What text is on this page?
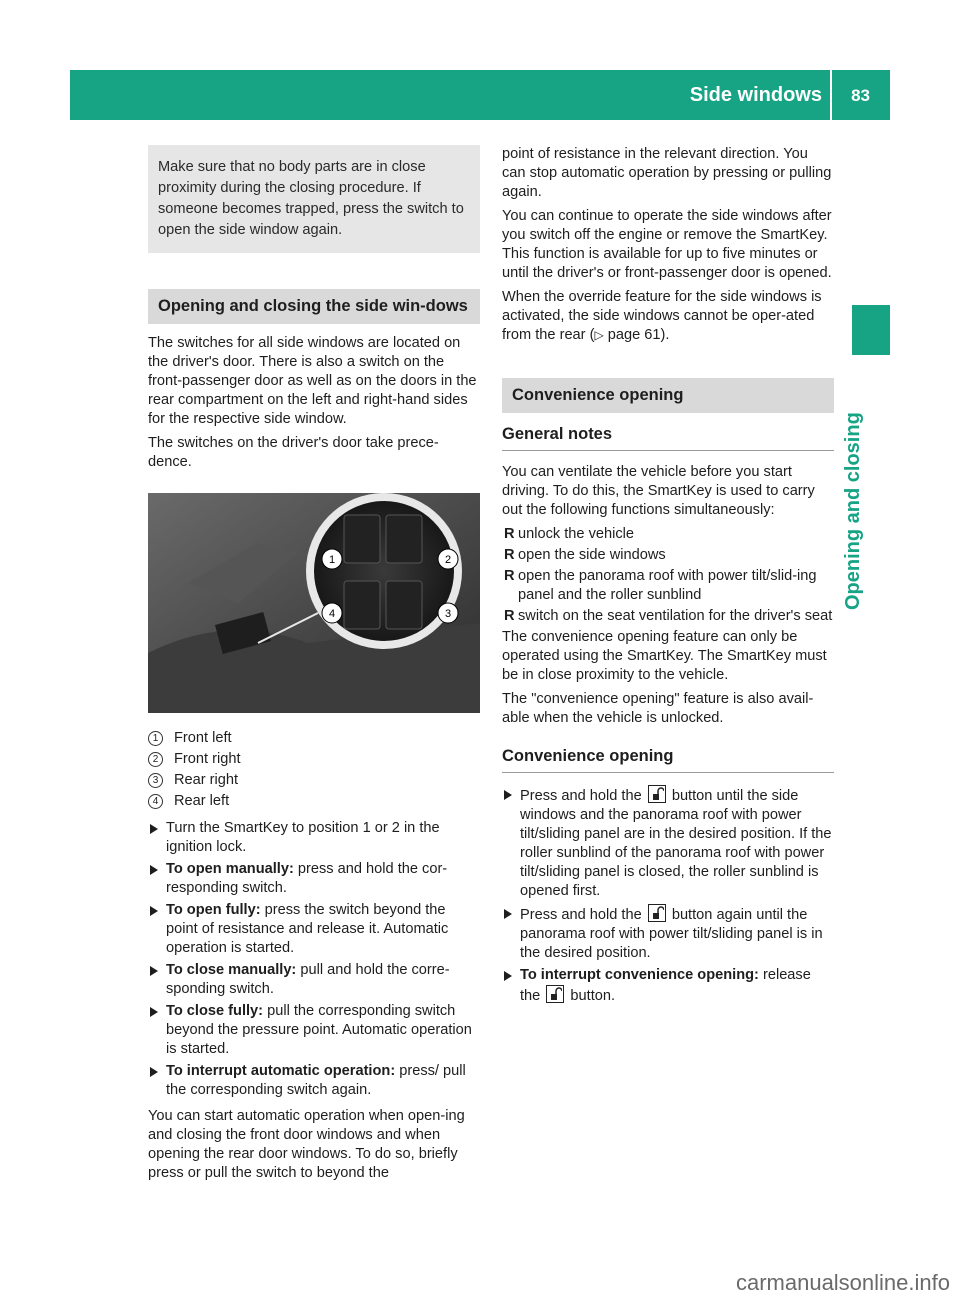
Side windows 83
Opening and closing
Make sure that no body parts are in close proximity during the closing procedure. If someone becomes trapped, press the switch to open the side window again.
Opening and closing the side win-dows

The switches for all side windows are located on the driver's door. There is also a switch on the front-passenger door as well as on the doors in the rear compartment on the left and right-hand sides for the respective side window.

The switches on the driver's door take prece-dence.

1	2
3
4
1	Front left
2	Front right
3	Rear right
4	Rear left
Turn the SmartKey to position 1 or 2 in the ignition lock.
To open manually: press and hold the cor-responding switch.
To open fully: press the switch beyond the point of resistance and release it. Automatic operation is started.
To close manually: pull and hold the corre-sponding switch.
To close fully: pull the corresponding switch beyond the pressure point. Automatic operation is started.
To interrupt automatic operation: press/ pull the corresponding switch again.

You can start automatic operation when open-ing and closing the front door windows and when opening the rear door windows. To do so, briefly press or pull the switch to beyond the

point of resistance in the relevant direction. You can stop automatic operation by pressing or pulling again.

You can continue to operate the side windows after you switch off the engine or remove the SmartKey. This function is available for up to five minutes or until the driver's or front-passenger door is opened.

When the override feature for the side windows is activated, the side windows cannot be oper-ated from the rear (▷ page 61).

Convenience opening
General notes

You can ventilate the vehicle before you start driving. To do this, the SmartKey is used to carry out the following functions simultaneously:

R unlock the vehicle
R open the side windows
R open the panorama roof with power tilt/slid-ing panel and the roller sunblind
R switch on the seat ventilation for the driver's seat

The convenience opening feature can only be operated using the SmartKey. The SmartKey must be in close proximity to the vehicle.

The "convenience opening" feature is also avail-able when the vehicle is unlocked.

Convenience opening
Press and hold the button until the side windows and the panorama roof with power tilt/sliding panel are in the desired position. If the roller sunblind of the panorama roof with power tilt/sliding panel is closed, the roller sunblind is opened first.
Press and hold the button again until the panorama roof with power tilt/sliding panel is in the desired position.
To interrupt convenience opening: release the button.
carmanualsonline.info
